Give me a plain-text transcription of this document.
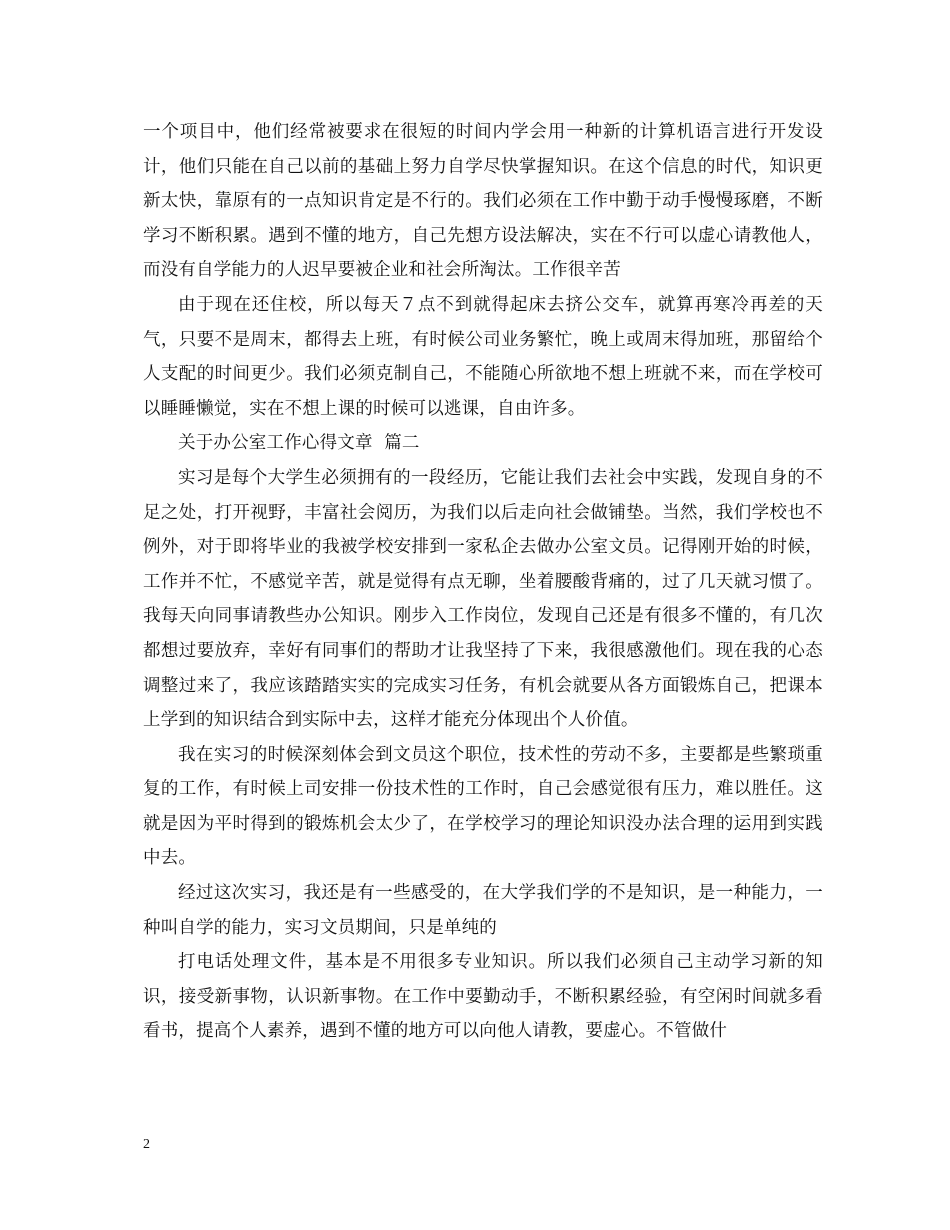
一个项目中，他们经常被要求在很短的时间内学会用一种新的计算机语言进行开发设计，他们只能在自己以前的基础上努力自学尽快掌握知识。在这个信息的时代，知识更新太快，靠原有的一点知识肯定是不行的。我们必须在工作中勤于动手慢慢琢磨，不断学习不断积累。遇到不懂的地方，自己先想方设法解决，实在不行可以虚心请教他人，而没有自学能力的人迟早要被企业和社会所淘汰。工作很辛苦

由于现在还住校，所以每天７点不到就得起床去挤公交车，就算再寒冷再差的天气，只要不是周末，都得去上班，有时候公司业务繁忙，晚上或周末得加班，那留给个人支配的时间更少。我们必须克制自己，不能随心所欲地不想上班就不来，而在学校可以睡睡懒觉，实在不想上课的时候可以逃课，自由许多。

关于办公室工作心得文章  篇二

实习是每个大学生必须拥有的一段经历，它能让我们去社会中实践，发现自身的不足之处，打开视野，丰富社会阅历，为我们以后走向社会做铺垫。当然，我们学校也不例外，对于即将毕业的我被学校安排到一家私企去做办公室文员。记得刚开始的时候，工作并不忙，不感觉辛苦，就是觉得有点无聊，坐着腰酸背痛的，过了几天就习惯了。我每天向同事请教些办公知识。刚步入工作岗位，发现自己还是有很多不懂的，有几次都想过要放弃，幸好有同事们的帮助才让我坚持了下来，我很感激他们。现在我的心态调整过来了，我应该踏踏实实的完成实习任务，有机会就要从各方面锻炼自己，把课本上学到的知识结合到实际中去，这样才能充分体现出个人价值。

我在实习的时候深刻体会到文员这个职位，技术性的劳动不多，主要都是些繁琐重复的工作，有时候上司安排一份技术性的工作时，自己会感觉很有压力，难以胜任。这就是因为平时得到的锻炼机会太少了，在学校学习的理论知识没办法合理的运用到实践中去。

经过这次实习，我还是有一些感受的，在大学我们学的不是知识，是一种能力，一种叫自学的能力，实习文员期间，只是单纯的

打电话处理文件，基本是不用很多专业知识。所以我们必须自己主动学习新的知识，接受新事物，认识新事物。在工作中要勤动手，不断积累经验，有空闲时间就多看看书，提高个人素养，遇到不懂的地方可以向他人请教，要虚心。不管做什

2
